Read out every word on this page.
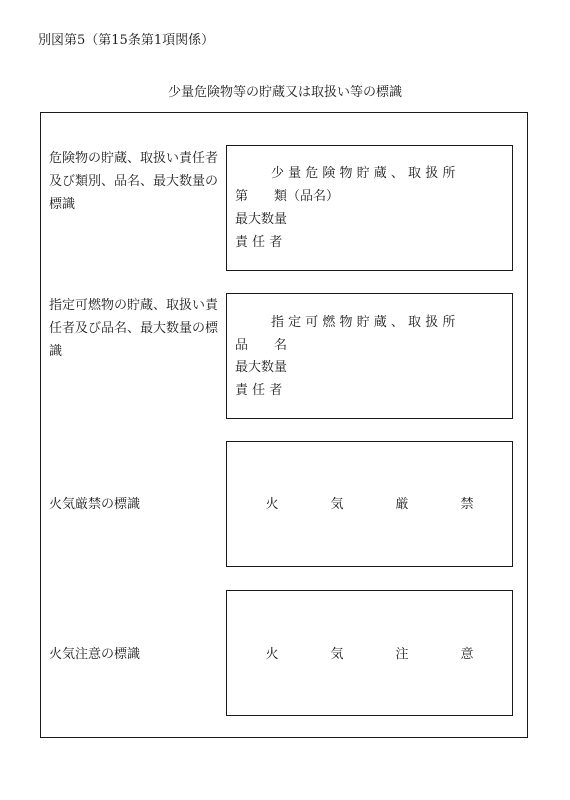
別図第5（第15条第1項関係）
少量危険物等の貯蔵又は取扱い等の標識
危険物の貯蔵、取扱い責任者
及び類別、品名、最大数量の
標識
少 量 危 険 物 貯 蔵 、 取 扱 所
第　　類（品名）
最大数量
責 任 者
指定可燃物の貯蔵、取扱い責
任者及び品名、最大数量の標
識
指 定 可 燃 物 貯 蔵 、 取 扱 所
品　　名
最大数量
責 任 者
火気厳禁の標識	火　　　　気　　　　厳　　　　禁
火気注意の標識	火　　　　気　　　　注　　　　意
